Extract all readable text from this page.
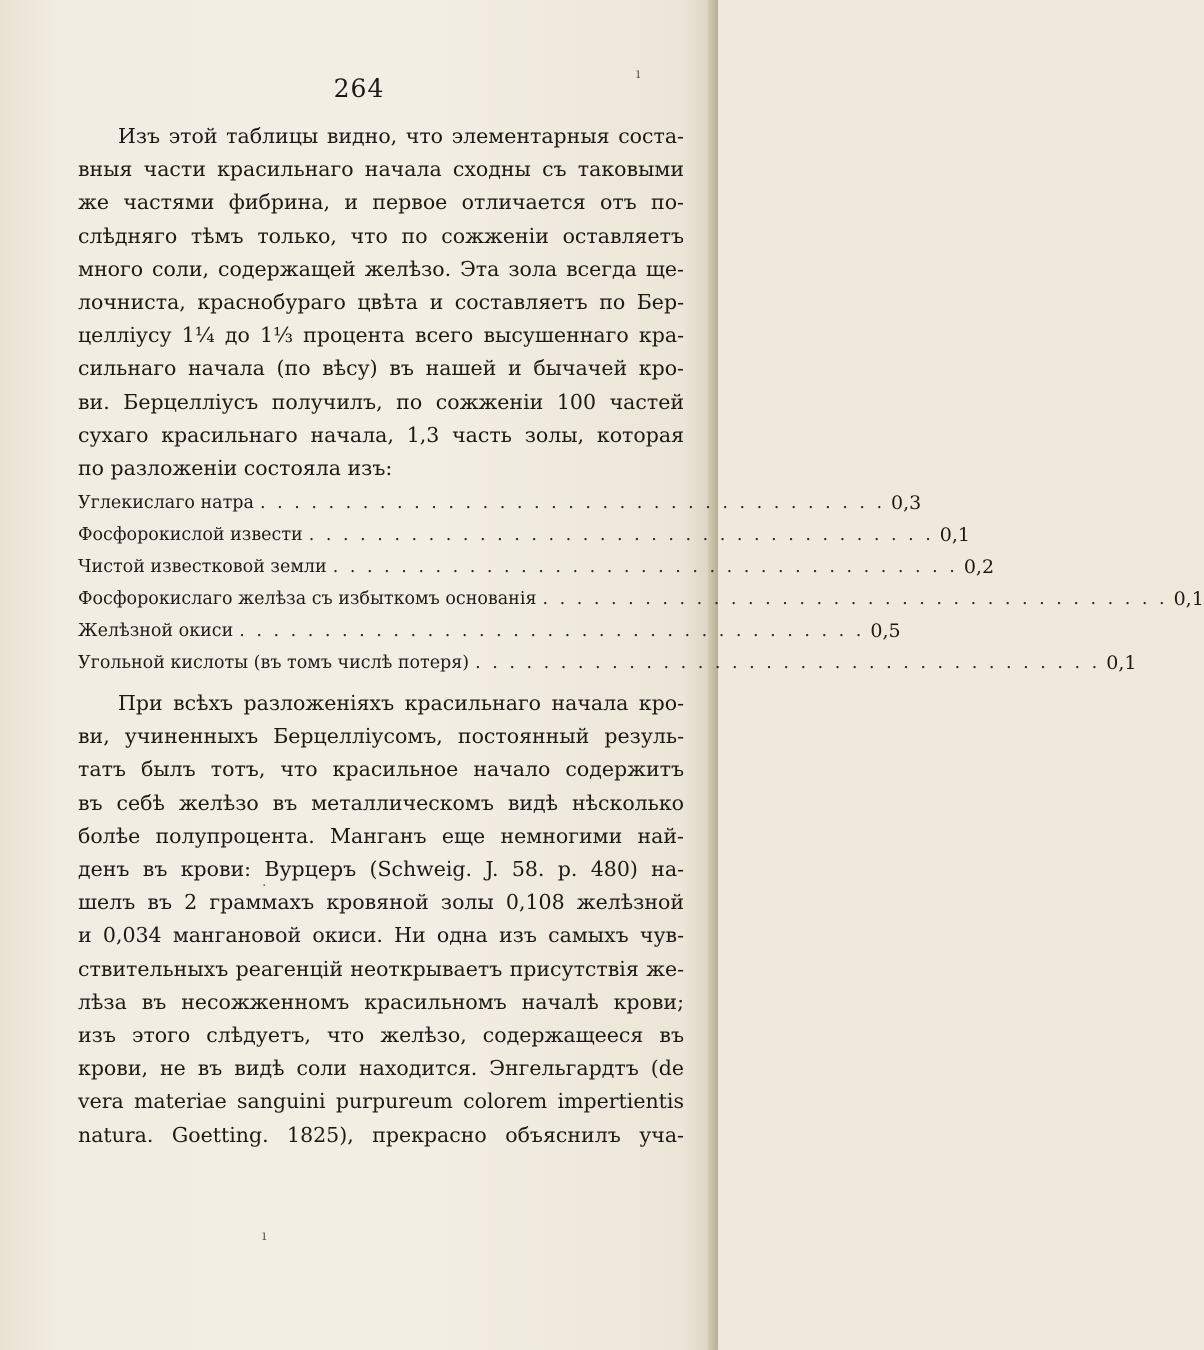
264
Изъ этой таблицы видно, что элементарныя соста-
вныя части красильнаго начала сходны съ таковыми
же частями фибрина, и первое отличается отъ по-
слѣдняго тѣмъ только, что по сожженіи оставляетъ
много соли, содержащей желѣзо. Эта зола всегда ще-
лочниста, краснобураго цвѣта и составляетъ по Бер-
целліусу 1¼ до 1⅓ процента всего высушеннаго кра-
сильнаго начала (по вѣсу) въ нашей и бычачей кро-
ви. Берцелліусъ получилъ, по сожженіи 100 частей
сухаго красильнаго начала, 1,3 часть золы, которая
по разложеніи состояла изъ:
Углекислаго натра . . . . . . . . . . . . . . . . . . . . . . . . . . . . . . . . . . . . . 0,3
Фосфорокислой извести . . . . . . . . . . . . . . . . . . . . . . . . . . . . . . . . . . . . . 0,1
Чистой известковой земли . . . . . . . . . . . . . . . . . . . . . . . . . . . . . . . . . . . . . 0,2
Фосфорокислаго желѣза съ избыткомъ основанія . . . . . . . . . . . . . . . . . . . . . . . . . . . . . . . . . . . . . 0,1
Желѣзной окиси . . . . . . . . . . . . . . . . . . . . . . . . . . . . . . . . . . . . . 0,5
Угольной кислоты (въ томъ числѣ потеря) . . . . . . . . . . . . . . . . . . . . . . . . . . . . . . . . . . . . . 0,1
При всѣхъ разложеніяхъ красильнаго начала кро-
ви, учиненныхъ Берцелліусомъ, постоянный резуль-
татъ былъ тотъ, что красильное начало содержитъ
въ себѣ желѣзо въ металлическомъ видѣ нѣсколько
болѣе полупроцента. Манганъ еще немногими най-
денъ въ крови: Вурцеръ (Schweig. J. 58. p. 480) на-
шелъ въ 2 граммахъ кровяной золы 0,108 желѣзной
и 0,034 мангановой окиси. Ни одна изъ самыхъ чув-
ствительныхъ реагенцій неоткрываетъ присутствія же-
лѣза въ несожженномъ красильномъ началѣ крови;
изъ этого слѣдуетъ, что желѣзо, содержащееся въ
крови, не въ видѣ соли находится. Энгельгардтъ (de
vera materiae sanguini purpureum colorem impertientis
natura. Goetting. 1825), прекрасно объяснилъ уча-
ı
·
ı
